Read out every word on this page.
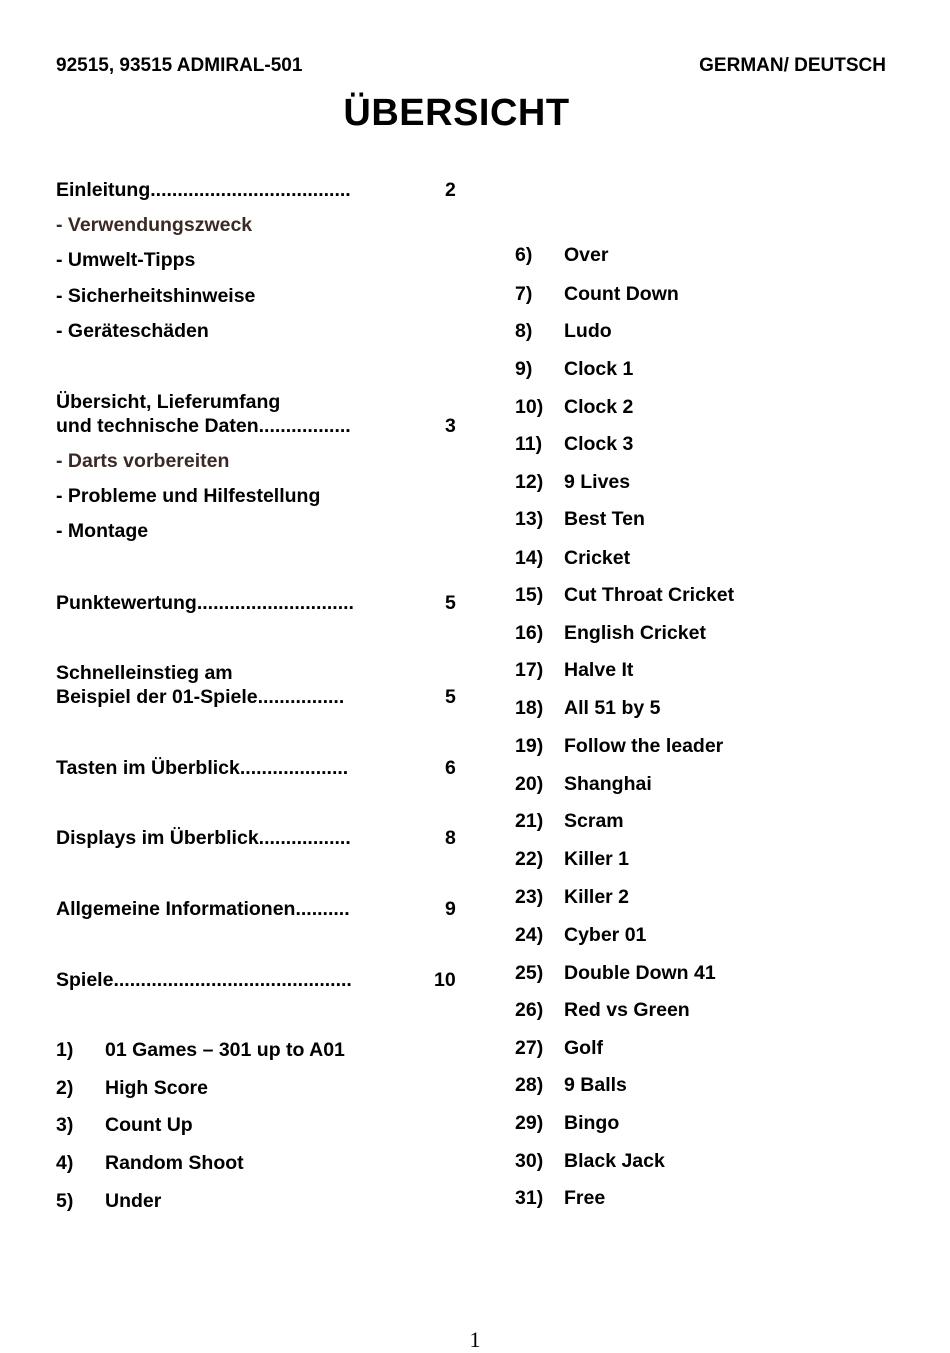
92515, 93515 ADMIRAL-501	GERMAN/ DEUTSCH
ÜBERSICHT
Einleitung.....................................	2
- Verwendungszweck
- Umwelt-Tipps
- Sicherheitshinweise
- Geräteschäden
Übersicht, Lieferumfang
und technische Daten.................	3
- Darts vorbereiten
- Probleme und Hilfestellung
- Montage
Punktewertung.............................	5
Schnelleinstieg am
Beispiel der 01-Spiele................	5
Tasten im Überblick....................	6
Displays im Überblick.................	8
Allgemeine Informationen..........	9
Spiele............................................	10
1) 01 Games – 301 up to A01
2) High Score
3) Count Up
4) Random Shoot
5) Under
6) Over
7) Count Down
8) Ludo
9) Clock 1
10) Clock 2
11) Clock 3
12) 9 Lives
13) Best Ten
14) Cricket
15) Cut Throat Cricket
16) English Cricket
17) Halve It
18) All 51 by 5
19) Follow the leader
20) Shanghai
21) Scram
22) Killer 1
23) Killer 2
24) Cyber 01
25) Double Down 41
26) Red vs Green
27) Golf
28) 9 Balls
29) Bingo
30) Black Jack
31) Free
1
